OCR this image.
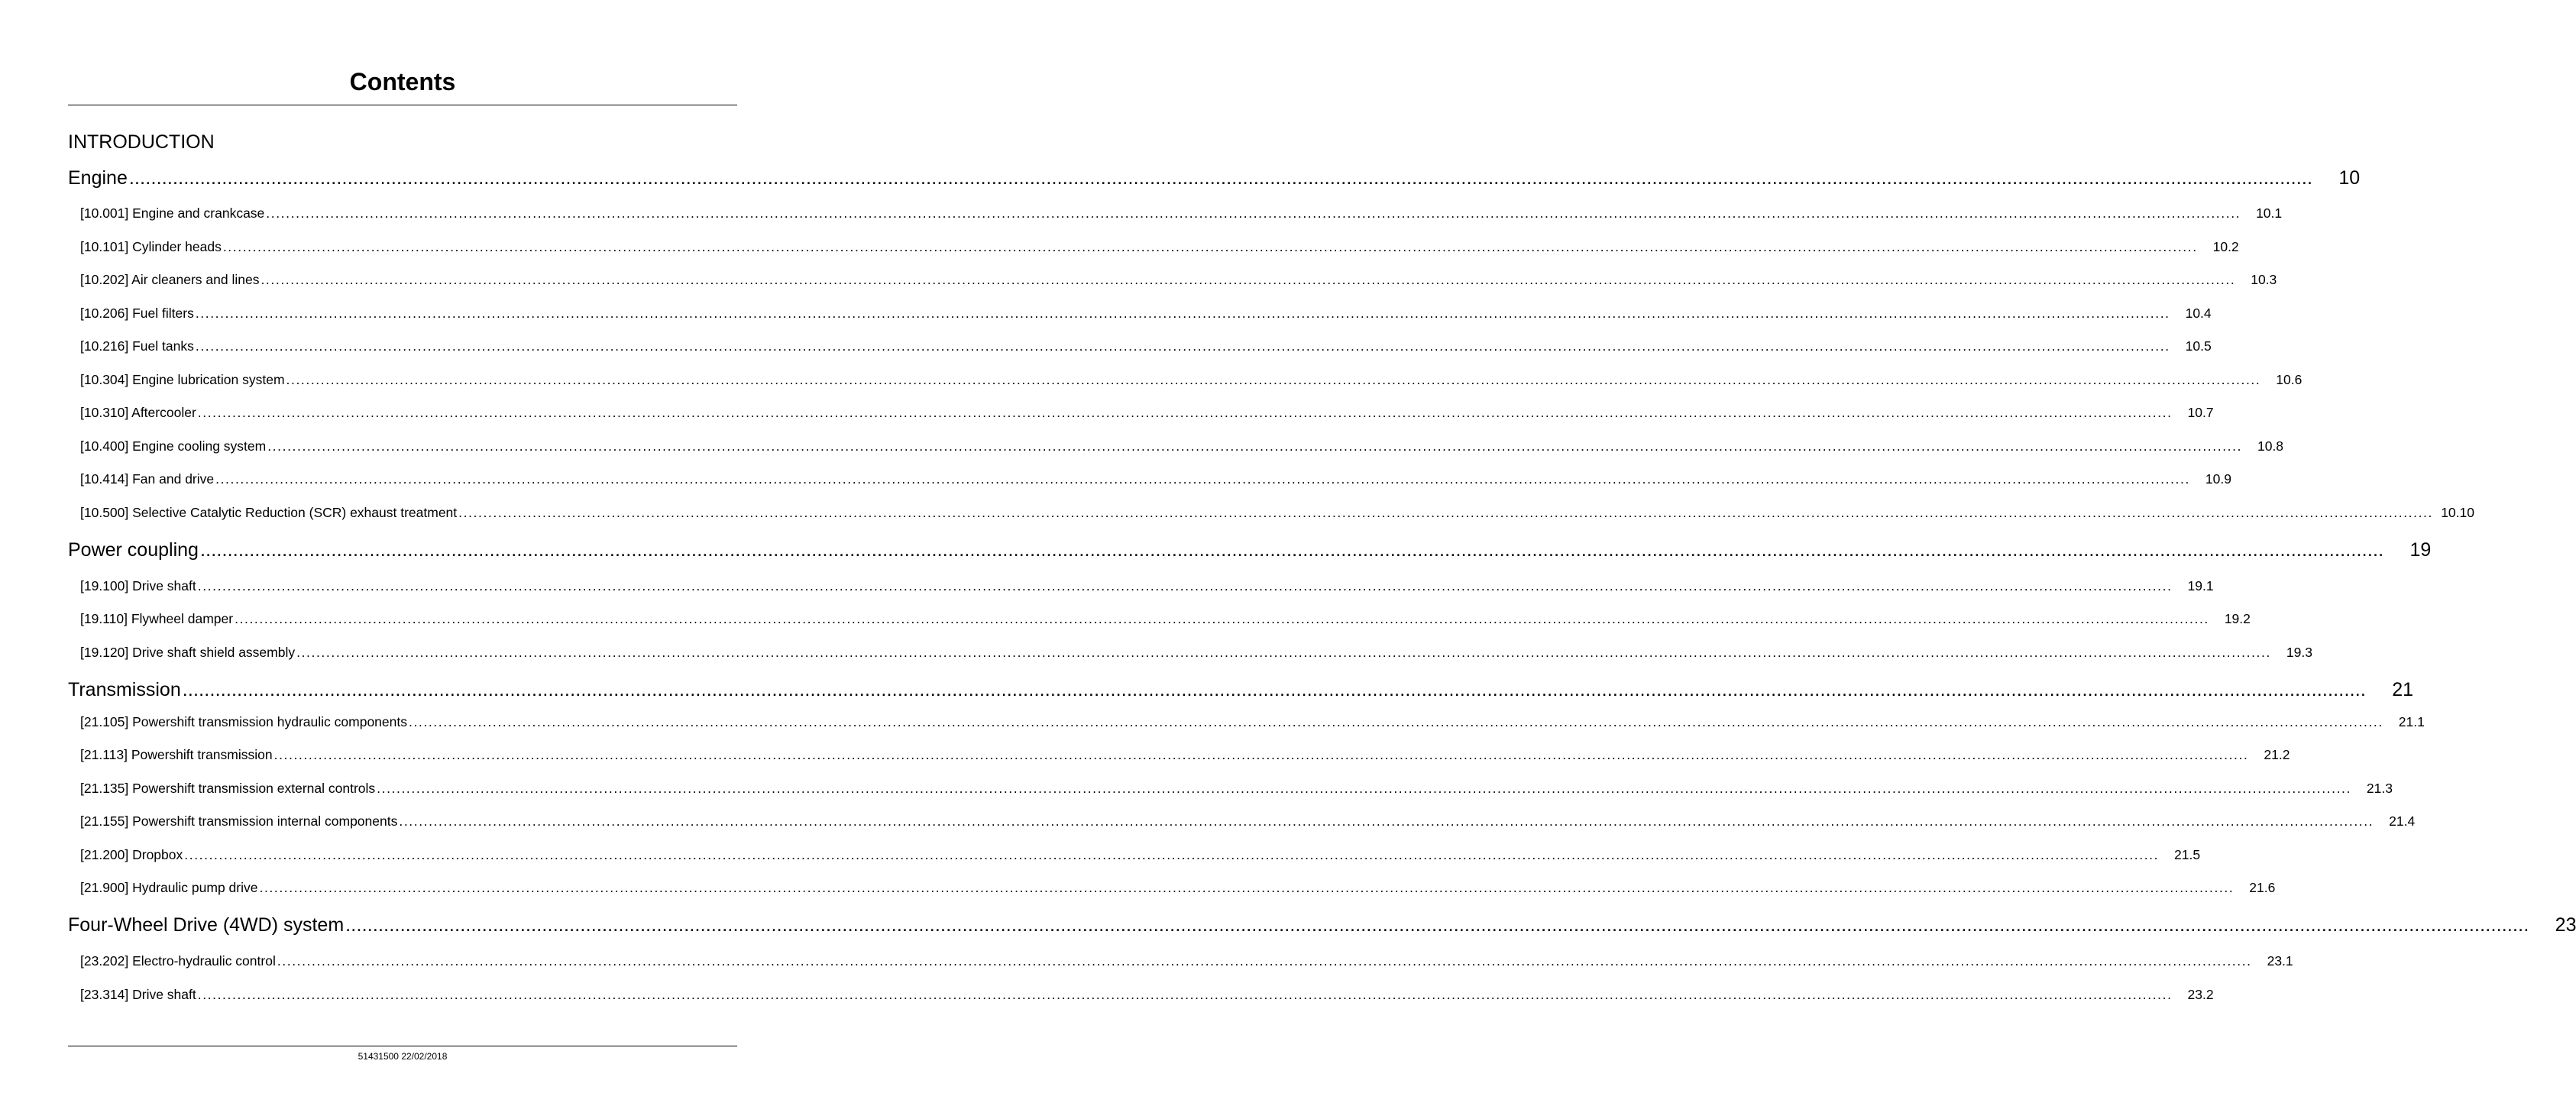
Contents
INTRODUCTION
Engine ................................................................................................................................................................................................................................................................................................................................................................................................................	10
[10.001] Engine and crankcase ................................................................................................................................................................................................................................................................................................................................................................................................................	10.1
[10.101] Cylinder heads ................................................................................................................................................................................................................................................................................................................................................................................................................	10.2
[10.202] Air cleaners and lines ................................................................................................................................................................................................................................................................................................................................................................................................................	10.3
[10.206] Fuel filters ................................................................................................................................................................................................................................................................................................................................................................................................................	10.4
[10.216] Fuel tanks ................................................................................................................................................................................................................................................................................................................................................................................................................	10.5
[10.304] Engine lubrication system ................................................................................................................................................................................................................................................................................................................................................................................................................	10.6
[10.310] Aftercooler ................................................................................................................................................................................................................................................................................................................................................................................................................	10.7
[10.400] Engine cooling system ................................................................................................................................................................................................................................................................................................................................................................................................................	10.8
[10.414] Fan and drive ................................................................................................................................................................................................................................................................................................................................................................................................................	10.9
[10.500] Selective Catalytic Reduction (SCR) exhaust treatment ................................................................................................................................................................................................................................................................................................................................................................................................................ 10.10
Power coupling ................................................................................................................................................................................................................................................................................................................................................................................................................	19
[19.100] Drive shaft ................................................................................................................................................................................................................................................................................................................................................................................................................	19.1
[19.110] Flywheel damper ................................................................................................................................................................................................................................................................................................................................................................................................................	19.2
[19.120] Drive shaft shield assembly ................................................................................................................................................................................................................................................................................................................................................................................................................	19.3
Transmission ................................................................................................................................................................................................................................................................................................................................................................................................................	21
[21.105] Powershift transmission hydraulic components ................................................................................................................................................................................................................................................................................................................................................................................................................	21.1
[21.113] Powershift transmission ................................................................................................................................................................................................................................................................................................................................................................................................................	21.2
[21.135] Powershift transmission external controls ................................................................................................................................................................................................................................................................................................................................................................................................................	21.3
[21.155] Powershift transmission internal components ................................................................................................................................................................................................................................................................................................................................................................................................................	21.4
[21.200] Dropbox ................................................................................................................................................................................................................................................................................................................................................................................................................	21.5
[21.900] Hydraulic pump drive ................................................................................................................................................................................................................................................................................................................................................................................................................	21.6
Four-Wheel Drive (4WD) system ................................................................................................................................................................................................................................................................................................................................................................................................................	23
[23.202] Electro-hydraulic control ................................................................................................................................................................................................................................................................................................................................................................................................................	23.1
[23.314] Drive shaft ................................................................................................................................................................................................................................................................................................................................................................................................................	23.2
51431500 22/02/2018
